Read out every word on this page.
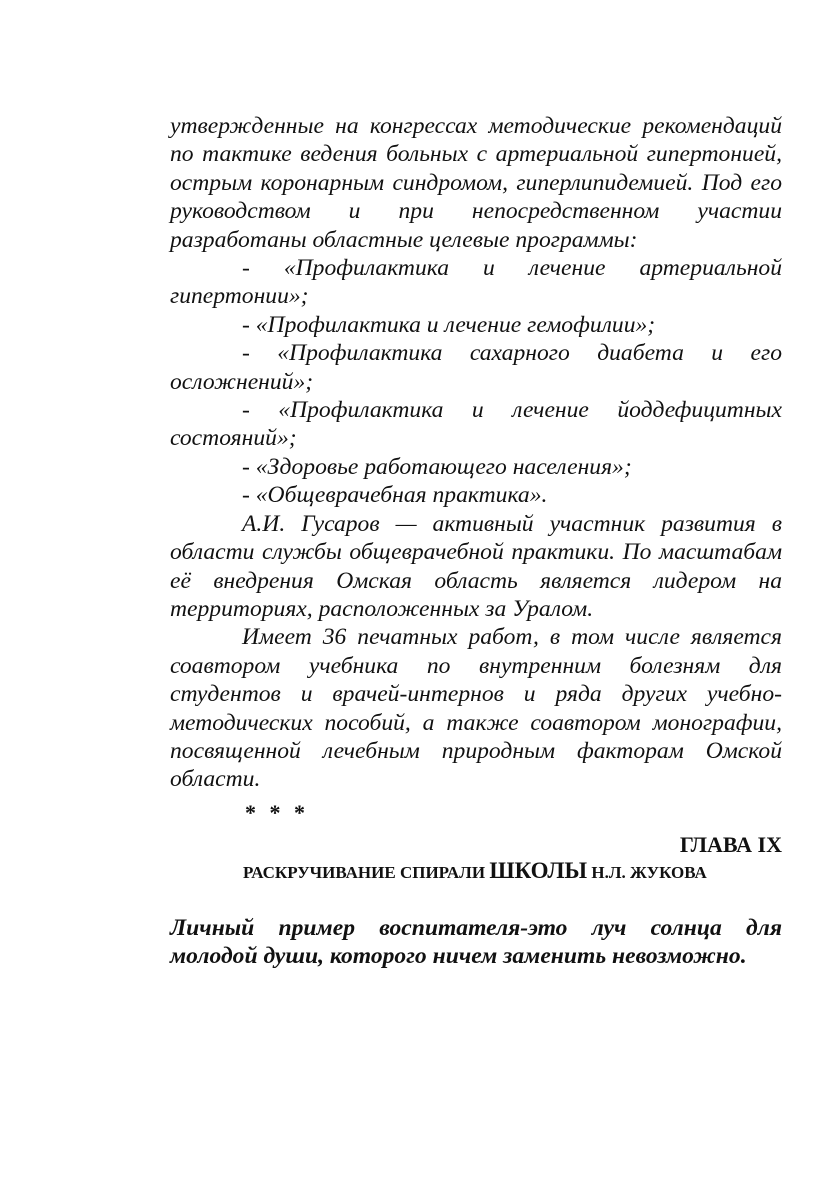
утвержденные на конгрессах методические рекомендаций по тактике ведения больных с артериальной гипертонией, острым коронарным синдромом, гиперлипидемией. Под его руководством и при непосредственном участии разработаны областные целевые программы:

- «Профилактика и лечение артериальной гипертонии»;

- «Профилактика и лечение гемофилии»;

- «Профилактика сахарного диабета и его осложнений»;

- «Профилактика и лечение йоддефицитных состояний»;

- «Здоровье работающего населения»;

- «Общеврачебная практика».

А.И. Гусаров — активный участник развития в области службы общеврачебной практики. По масштабам её внедрения Омская область является лидером на территориях, расположенных за Уралом.

Имеет 36 печатных работ, в том числе является соавтором учебника по внутренним болезням для студентов и врачей-интернов и ряда других учебно-методических пособий, а также соавтором монографии, посвященной лечебным природным факторам Омской области.

* * *

ГЛАВА IX

РАСКРУЧИВАНИЕ СПИРАЛИ ШКОЛЫ Н.Л. ЖУКОВА

Личный пример воспитателя-это луч солнца для молодой души, которого ничем заменить невозможно.
